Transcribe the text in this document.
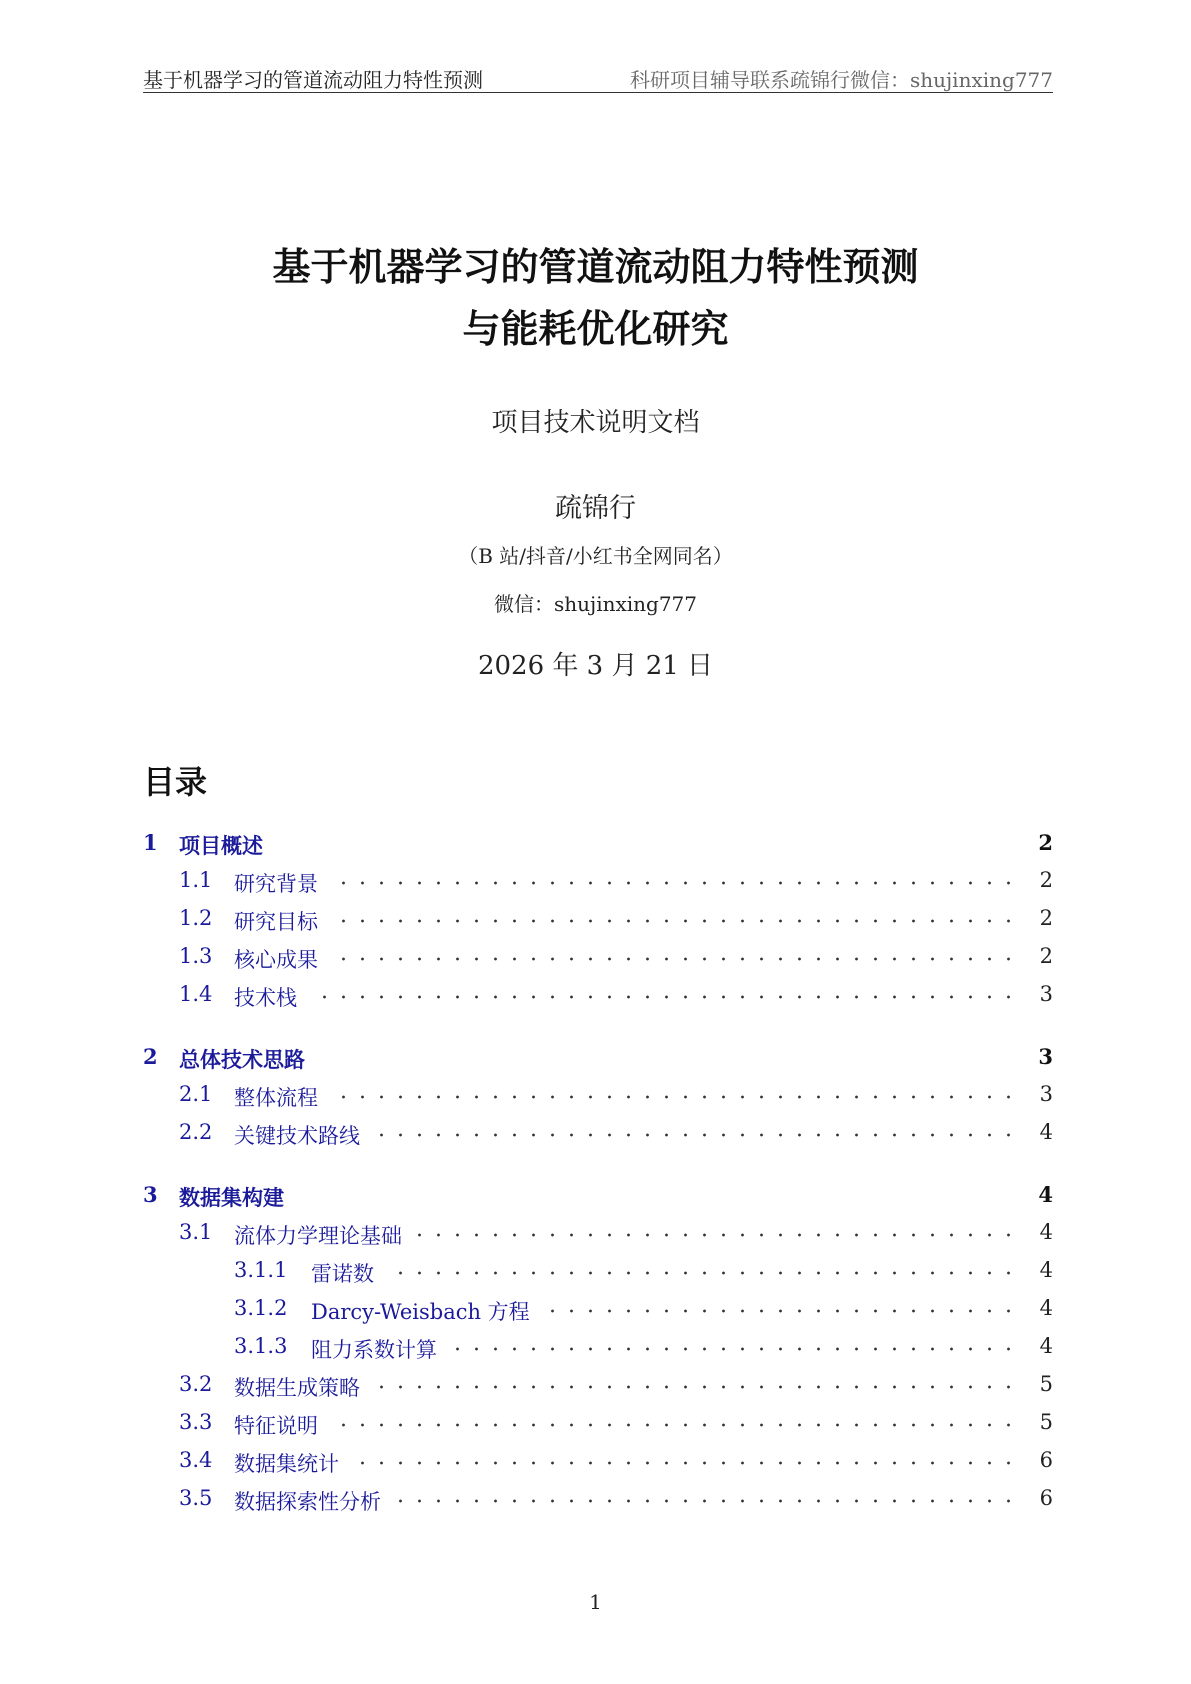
基于机器学习的管道流动阻力特性预测	科研项目辅导联系疏锦行微信：shujinxing777
基于机器学习的管道流动阻力特性预测
与能耗优化研究
项目技术说明文档
疏锦行
（B 站/抖音/小红书全网同名）
微信：shujinxing777
2026 年 3 月 21 日
目录
1 项目概述	2
1.1 研究背景	2
1.2 研究目标	2
1.3 核心成果	2
1.4 技术栈	3
2 总体技术思路	3
2.1 整体流程	3
2.2 关键技术路线	4
3 数据集构建	4
3.1 流体力学理论基础	4
3.1.1 雷诺数	4
3.1.2 Darcy-Weisbach 方程	4
3.1.3 阻力系数计算	4
3.2 数据生成策略	5
3.3 特征说明	5
3.4 数据集统计	6
3.5 数据探索性分析	6
1
